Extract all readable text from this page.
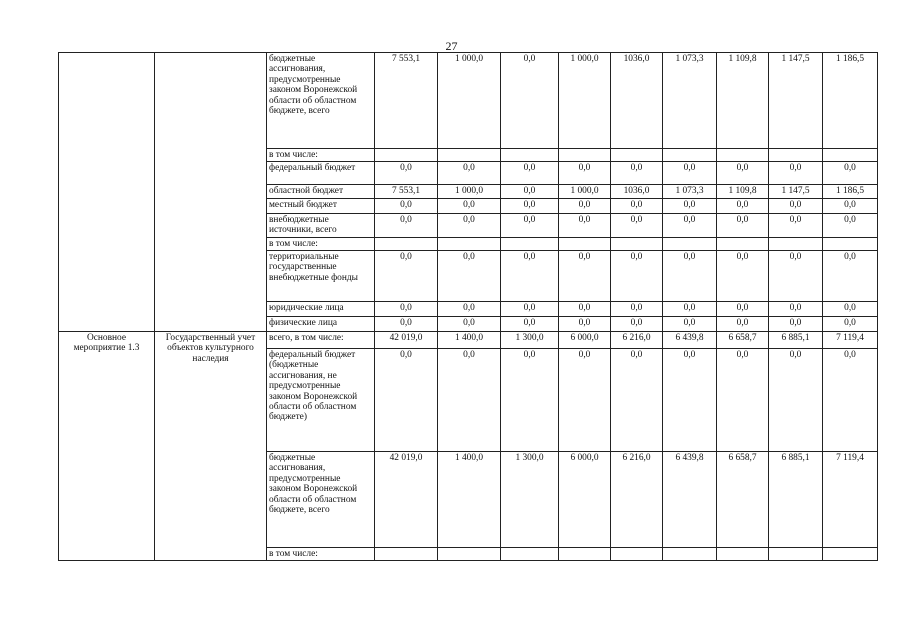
27
		бюджетные ассигнования, предусмотренные законом Воронежской области об областном бюджете, всего	7 553,1	1 000,0	0,0	1 000,0	1036,0	1 073,3	1 109,8	1 147,5	1 186,5
		в том числе:									
		федеральный бюджет	0,0	0,0	0,0	0,0	0,0	0,0	0,0	0,0	0,0
		областной бюджет	7 553,1	1 000,0	0,0	1 000,0	1036,0	1 073,3	1 109,8	1 147,5	1 186,5
		местный бюджет	0,0	0,0	0,0	0,0	0,0	0,0	0,0	0,0	0,0
		внебюджетные источники, всего	0,0	0,0	0,0	0,0	0,0	0,0	0,0	0,0	0,0
		в том числе:									
		территориальные государственные внебюджетные фонды	0,0	0,0	0,0	0,0	0,0	0,0	0,0	0,0	0,0
		юридические лица	0,0	0,0	0,0	0,0	0,0	0,0	0,0	0,0	0,0
		физические лица	0,0	0,0	0,0	0,0	0,0	0,0	0,0	0,0	0,0
Основное мероприятие 1.3	Государственный учет объектов культурного наследия	всего, в том числе:	42 019,0	1 400,0	1 300,0	6 000,0	6 216,0	6 439,8	6 658,7	6 885,1	7 119,4
		федеральный бюджет (бюджетные ассигнования, не предусмотренные законом Воронежской области об областном бюджете)	0,0	0,0	0,0	0,0	0,0	0,0	0,0	0,0	0,0
		бюджетные ассигнования, предусмотренные законом Воронежской области об областном бюджете, всего	42 019,0	1 400,0	1 300,0	6 000,0	6 216,0	6 439,8	6 658,7	6 885,1	7 119,4
		в том числе:									
